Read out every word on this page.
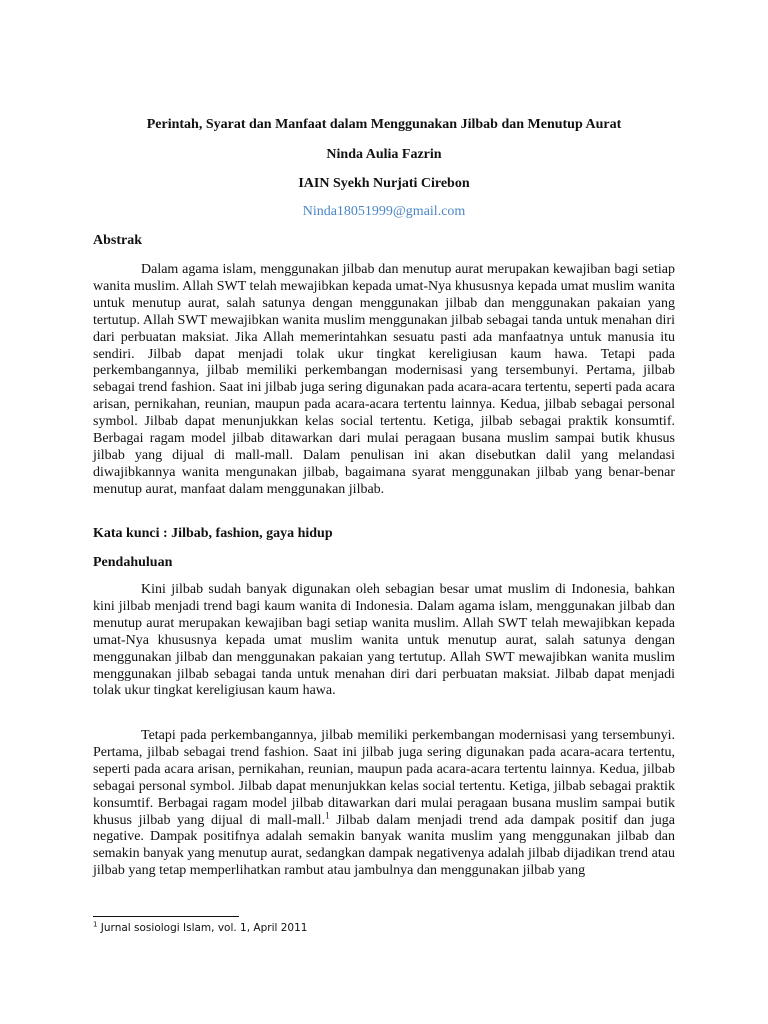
Perintah, Syarat dan Manfaat dalam Menggunakan Jilbab dan Menutup Aurat
Ninda Aulia Fazrin
IAIN Syekh Nurjati Cirebon
Ninda18051999@gmail.com
Abstrak

Dalam agama islam, menggunakan jilbab dan menutup aurat merupakan kewajiban bagi setiap wanita muslim. Allah SWT telah mewajibkan kepada umat-Nya khususnya kepada umat muslim wanita untuk menutup aurat, salah satunya dengan menggunakan jilbab dan menggunakan pakaian yang tertutup. Allah SWT mewajibkan wanita muslim menggunakan jilbab sebagai tanda untuk menahan diri dari perbuatan maksiat. Jika Allah memerintahkan sesuatu pasti ada manfaatnya untuk manusia itu sendiri. Jilbab dapat menjadi tolak ukur tingkat kereligiusan kaum hawa. Tetapi pada perkembangannya, jilbab memiliki perkembangan modernisasi yang tersembunyi. Pertama, jilbab sebagai trend fashion. Saat ini jilbab juga sering digunakan pada acara-acara tertentu, seperti pada acara arisan, pernikahan, reunian, maupun pada acara-acara tertentu lainnya. Kedua, jilbab sebagai personal symbol. Jilbab dapat menunjukkan kelas social tertentu. Ketiga, jilbab sebagai praktik konsumtif. Berbagai ragam model jilbab ditawarkan dari mulai peragaan busana muslim sampai butik khusus jilbab yang dijual di mall-mall. Dalam penulisan ini akan disebutkan dalil yang melandasi diwajibkannya wanita mengunakan jilbab, bagaimana syarat menggunakan jilbab yang benar-benar menutup aurat, manfaat dalam menggunakan jilbab.

Kata kunci : Jilbab, fashion, gaya hidup
Pendahuluan

Kini jilbab sudah banyak digunakan oleh sebagian besar umat muslim di Indonesia, bahkan kini jilbab menjadi trend bagi kaum wanita di Indonesia. Dalam agama islam, menggunakan jilbab dan menutup aurat merupakan kewajiban bagi setiap wanita muslim. Allah SWT telah mewajibkan kepada umat-Nya khususnya kepada umat muslim wanita untuk menutup aurat, salah satunya dengan menggunakan jilbab dan menggunakan pakaian yang tertutup. Allah SWT mewajibkan wanita muslim menggunakan jilbab sebagai tanda untuk menahan diri dari perbuatan maksiat. Jilbab dapat menjadi tolak ukur tingkat kereligiusan kaum hawa.

Tetapi pada perkembangannya, jilbab memiliki perkembangan modernisasi yang tersembunyi. Pertama, jilbab sebagai trend fashion. Saat ini jilbab juga sering digunakan pada acara-acara tertentu, seperti pada acara arisan, pernikahan, reunian, maupun pada acara-acara tertentu lainnya. Kedua, jilbab sebagai personal symbol. Jilbab dapat menunjukkan kelas social tertentu. Ketiga, jilbab sebagai praktik konsumtif. Berbagai ragam model jilbab ditawarkan dari mulai peragaan busana muslim sampai butik khusus jilbab yang dijual di mall-mall.$^1$ Jilbab dalam menjadi trend ada dampak positif dan juga negative. Dampak positifnya adalah semakin banyak wanita muslim yang menggunakan jilbab dan semakin banyak yang menutup aurat, sedangkan dampak negativenya adalah jilbab dijadikan trend atau jilbab yang tetap memperlihatkan rambut atau jambulnya dan menggunakan jilbab yang

$^1$ Jurnal sosiologi Islam, vol. 1, April 2011
